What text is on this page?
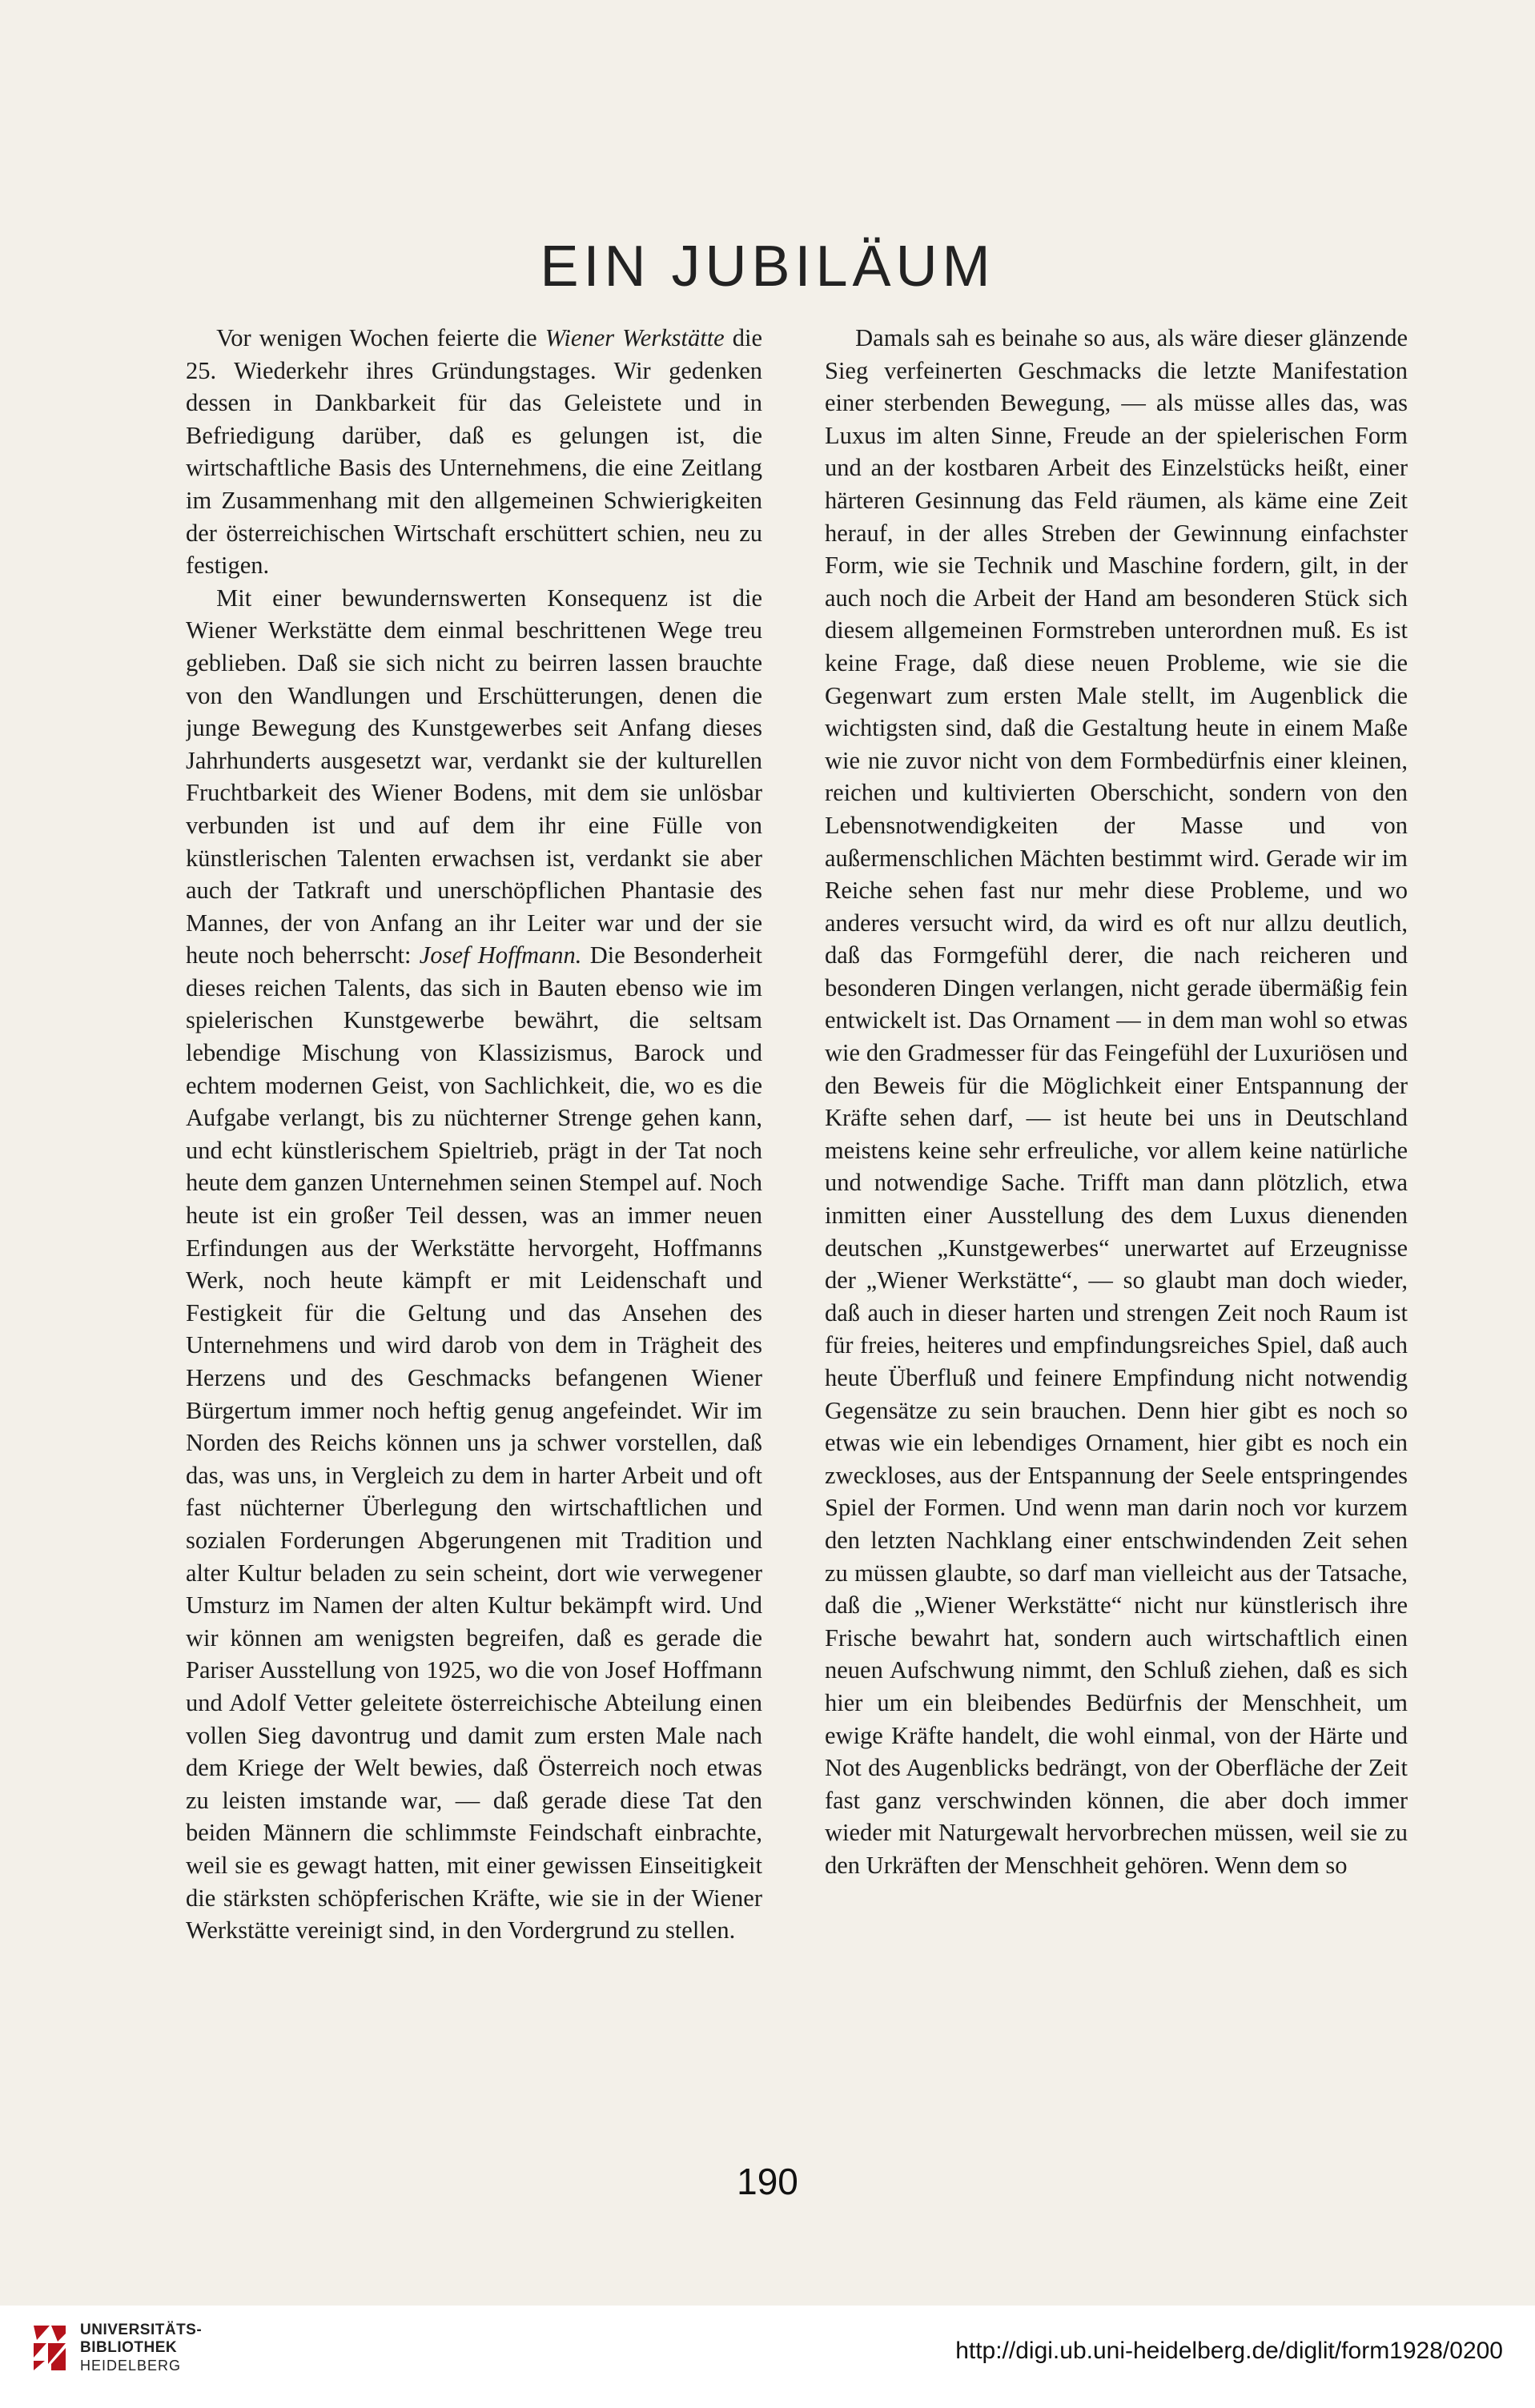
EIN JUBILÄUM

Vor wenigen Wochen feierte die Wiener Werkstätte die 25. Wiederkehr ihres Gründungstages. Wir gedenken dessen in Dankbarkeit für das Geleistete und in Befriedigung darüber, daß es gelungen ist, die wirtschaftliche Basis des Unternehmens, die eine Zeitlang im Zusammenhang mit den allgemeinen Schwierigkeiten der österreichischen Wirtschaft erschüttert schien, neu zu festigen.

Mit einer bewundernswerten Konsequenz ist die Wiener Werkstätte dem einmal beschrittenen Wege treu geblieben. Daß sie sich nicht zu beirren lassen brauchte von den Wandlungen und Erschütterungen, denen die junge Bewegung des Kunstgewerbes seit Anfang dieses Jahrhunderts ausgesetzt war, verdankt sie der kulturellen Fruchtbarkeit des Wiener Bodens, mit dem sie unlösbar verbunden ist und auf dem ihr eine Fülle von künstlerischen Talenten erwachsen ist, verdankt sie aber auch der Tatkraft und unerschöpflichen Phantasie des Mannes, der von Anfang an ihr Leiter war und der sie heute noch beherrscht: Josef Hoffmann. Die Besonderheit dieses reichen Talents, das sich in Bauten ebenso wie im spielerischen Kunstgewerbe bewährt, die seltsam lebendige Mischung von Klassizismus, Barock und echtem modernen Geist, von Sachlichkeit, die, wo es die Aufgabe verlangt, bis zu nüchterner Strenge gehen kann, und echt künstlerischem Spieltrieb, prägt in der Tat noch heute dem ganzen Unternehmen seinen Stempel auf. Noch heute ist ein großer Teil dessen, was an immer neuen Erfindungen aus der Werkstätte hervorgeht, Hoffmanns Werk, noch heute kämpft er mit Leidenschaft und Festigkeit für die Geltung und das Ansehen des Unternehmens und wird darob von dem in Trägheit des Herzens und des Geschmacks befangenen Wiener Bürgertum immer noch heftig genug angefeindet. Wir im Norden des Reichs können uns ja schwer vorstellen, daß das, was uns, in Vergleich zu dem in harter Arbeit und oft fast nüchterner Überlegung den wirtschaftlichen und sozialen Forderungen Abgerungenen mit Tradition und alter Kultur beladen zu sein scheint, dort wie verwegener Umsturz im Namen der alten Kultur bekämpft wird. Und wir können am wenigsten begreifen, daß es gerade die Pariser Ausstellung von 1925, wo die von Josef Hoffmann und Adolf Vetter geleitete österreichische Abteilung einen vollen Sieg davontrug und damit zum ersten Male nach dem Kriege der Welt bewies, daß Österreich noch etwas zu leisten imstande war, — daß gerade diese Tat den beiden Männern die schlimmste Feindschaft einbrachte, weil sie es gewagt hatten, mit einer gewissen Einseitigkeit die stärksten schöpferischen Kräfte, wie sie in der Wiener Werkstätte vereinigt sind, in den Vordergrund zu stellen.

Damals sah es beinahe so aus, als wäre dieser glänzende Sieg verfeinerten Geschmacks die letzte Manifestation einer sterbenden Bewegung, — als müsse alles das, was Luxus im alten Sinne, Freude an der spielerischen Form und an der kostbaren Arbeit des Einzelstücks heißt, einer härteren Gesinnung das Feld räumen, als käme eine Zeit herauf, in der alles Streben der Gewinnung einfachster Form, wie sie Technik und Maschine fordern, gilt, in der auch noch die Arbeit der Hand am besonderen Stück sich diesem allgemeinen Formstreben unterordnen muß. Es ist keine Frage, daß diese neuen Probleme, wie sie die Gegenwart zum ersten Male stellt, im Augenblick die wichtigsten sind, daß die Gestaltung heute in einem Maße wie nie zuvor nicht von dem Formbedürfnis einer kleinen, reichen und kultivierten Oberschicht, sondern von den Lebensnotwendigkeiten der Masse und von außermenschlichen Mächten bestimmt wird. Gerade wir im Reiche sehen fast nur mehr diese Probleme, und wo anderes versucht wird, da wird es oft nur allzu deutlich, daß das Formgefühl derer, die nach reicheren und besonderen Dingen verlangen, nicht gerade übermäßig fein entwickelt ist. Das Ornament — in dem man wohl so etwas wie den Gradmesser für das Feingefühl der Luxuriösen und den Beweis für die Möglichkeit einer Entspannung der Kräfte sehen darf, — ist heute bei uns in Deutschland meistens keine sehr erfreuliche, vor allem keine natürliche und notwendige Sache. Trifft man dann plötzlich, etwa inmitten einer Ausstellung des dem Luxus dienenden deutschen „Kunstgewerbes“ unerwartet auf Erzeugnisse der „Wiener Werkstätte“, — so glaubt man doch wieder, daß auch in dieser harten und strengen Zeit noch Raum ist für freies, heiteres und empfindungsreiches Spiel, daß auch heute Überfluß und feinere Empfindung nicht notwendig Gegensätze zu sein brauchen. Denn hier gibt es noch so etwas wie ein lebendiges Ornament, hier gibt es noch ein zweckloses, aus der Entspannung der Seele entspringendes Spiel der Formen. Und wenn man darin noch vor kurzem den letzten Nachklang einer entschwindenden Zeit sehen zu müssen glaubte, so darf man vielleicht aus der Tatsache, daß die „Wiener Werkstätte“ nicht nur künstlerisch ihre Frische bewahrt hat, sondern auch wirtschaftlich einen neuen Aufschwung nimmt, den Schluß ziehen, daß es sich hier um ein bleibendes Bedürfnis der Menschheit, um ewige Kräfte handelt, die wohl einmal, von der Härte und Not des Augenblicks bedrängt, von der Oberfläche der Zeit fast ganz verschwinden können, die aber doch immer wieder mit Naturgewalt hervorbrechen müssen, weil sie zu den Urkräften der Menschheit gehören. Wenn dem so

190
UNIVERSITÄTS-
BIBLIOTHEK
HEIDELBERG
http://digi.ub.uni-heidelberg.de/diglit/form1928/0200
